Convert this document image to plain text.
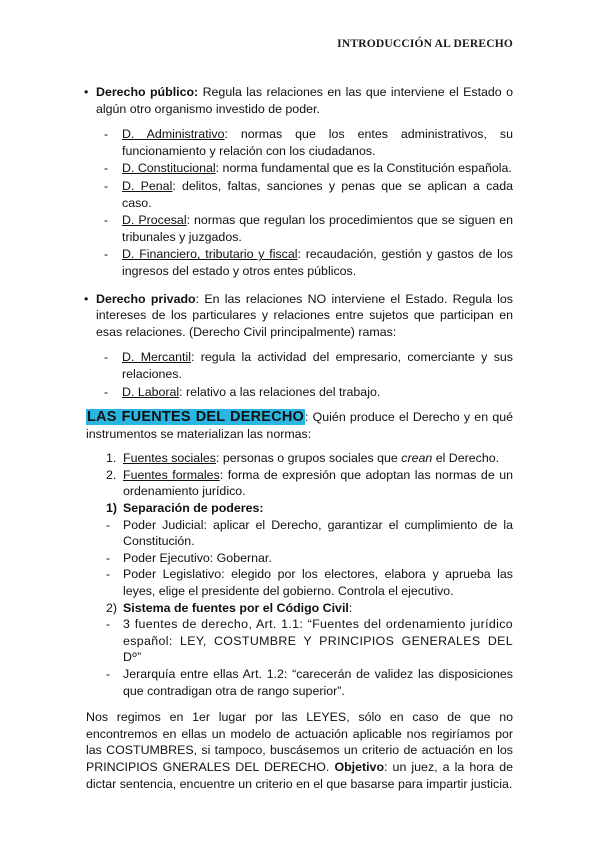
INTRODUCCIÓN AL DERECHO
• Derecho público: Regula las relaciones en las que interviene el Estado o algún otro organismo investido de poder.
- D. Administrativo: normas que los entes administrativos, su funcionamiento y relación con los ciudadanos.
- D. Constitucional: norma fundamental que es la Constitución española.
- D. Penal: delitos, faltas, sanciones y penas que se aplican a cada caso.
- D. Procesal: normas que regulan los procedimientos que se siguen en tribunales y juzgados.
- D. Financiero, tributario y fiscal: recaudación, gestión y gastos de los ingresos del estado y otros entes públicos.
• Derecho privado: En las relaciones NO interviene el Estado. Regula los intereses de los particulares y relaciones entre sujetos que participan en esas relaciones. (Derecho Civil principalmente) ramas:
- D. Mercantil: regula la actividad del empresario, comerciante y sus relaciones.
- D. Laboral: relativo a las relaciones del trabajo.
LAS FUENTES DEL DERECHO: Quién produce el Derecho y en qué instrumentos se materializan las normas:
1. Fuentes sociales: personas o grupos sociales que crean el Derecho.
2. Fuentes formales: forma de expresión que adoptan las normas de un ordenamiento jurídico.
1) Separación de poderes:
- Poder Judicial: aplicar el Derecho, garantizar el cumplimiento de la Constitución.
- Poder Ejecutivo: Gobernar.
- Poder Legislativo: elegido por los electores, elabora y aprueba las leyes, elige el presidente del gobierno. Controla el ejecutivo.
2) Sistema de fuentes por el Código Civil:
- 3 fuentes de derecho, Art. 1.1: “Fuentes del ordenamiento jurídico español: LEY, COSTUMBRE Y PRINCIPIOS GENERALES DEL Dº”
- Jerarquía entre ellas Art. 1.2: “carecerán de validez las disposiciones que contradigan otra de rango superior”.
Nos regimos en 1er lugar por las LEYES, sólo en caso de que no encontremos en ellas un modelo de actuación aplicable nos regiríamos por las COSTUMBRES, si tampoco, buscásemos un criterio de actuación en los PRINCIPIOS GNERALES DEL DERECHO. Objetivo: un juez, a la hora de dictar sentencia, encuentre un criterio en el que basarse para impartir justicia.
